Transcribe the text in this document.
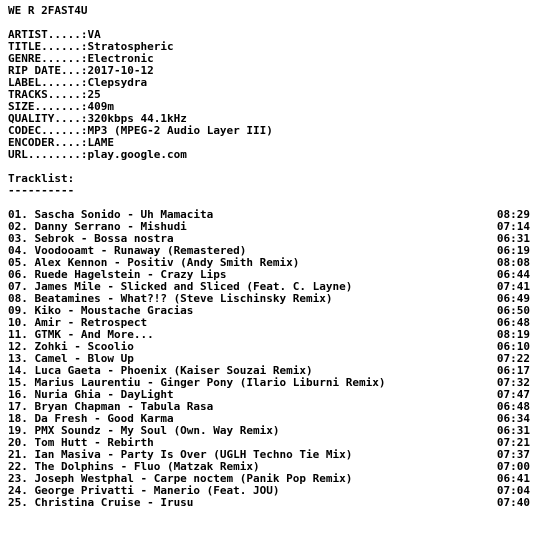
WE R 2FAST4U
ARTIST.....: VA
TITLE......: Stratospheric
GENRE......: Electronic
RIP DATE...: 2017-10-12
LABEL......: Clepsydra
TRACKS.....: 25
SIZE.......: 409m
QUALITY....: 320kbps 44.1kHz
CODEC......: MP3 (MPEG-2 Audio Layer III)
ENCODER....: LAME
URL........: play.google.com
Tracklist:
----------
01. Sascha Sonido - Uh Mamacita	08:29
02. Danny Serrano - Mishudi	07:14
03. Sebrok - Bossa nostra	06:31
04. Voodooamt - Runaway (Remastered)	06:19
05. Alex Kennon - Positiv (Andy Smith Remix)	08:08
06. Ruede Hagelstein - Crazy Lips	06:44
07. James Mile - Slicked and Sliced (Feat. C. Layne)	07:41
08. Beatamines - What?!? (Steve Lischinsky Remix)	06:49
09. Kiko - Moustache Gracias	06:50
10. Amir - Retrospect	06:48
11. GTMK - And More...	08:19
12. Zohki - Scoolio	06:10
13. Camel - Blow Up	07:22
14. Luca Gaeta - Phoenix (Kaiser Souzai Remix)	06:17
15. Marius Laurentiu - Ginger Pony (Ilario Liburni Remix)	07:32
16. Nuria Ghia - DayLight	07:47
17. Bryan Chapman - Tabula Rasa	06:48
18. Da Fresh - Good Karma	06:34
19. PMX Soundz - My Soul (Own. Way Remix)	06:31
20. Tom Hutt - Rebirth	07:21
21. Ian Masiva - Party Is Over (UGLH Techno Tie Mix)	07:37
22. The Dolphins - Fluo (Matzak Remix)	07:00
23. Joseph Westphal - Carpe noctem (Panik Pop Remix)	06:41
24. George Privatti - Manerio (Feat. JOU)	07:04
25. Christina Cruise - Irusu	07:40
